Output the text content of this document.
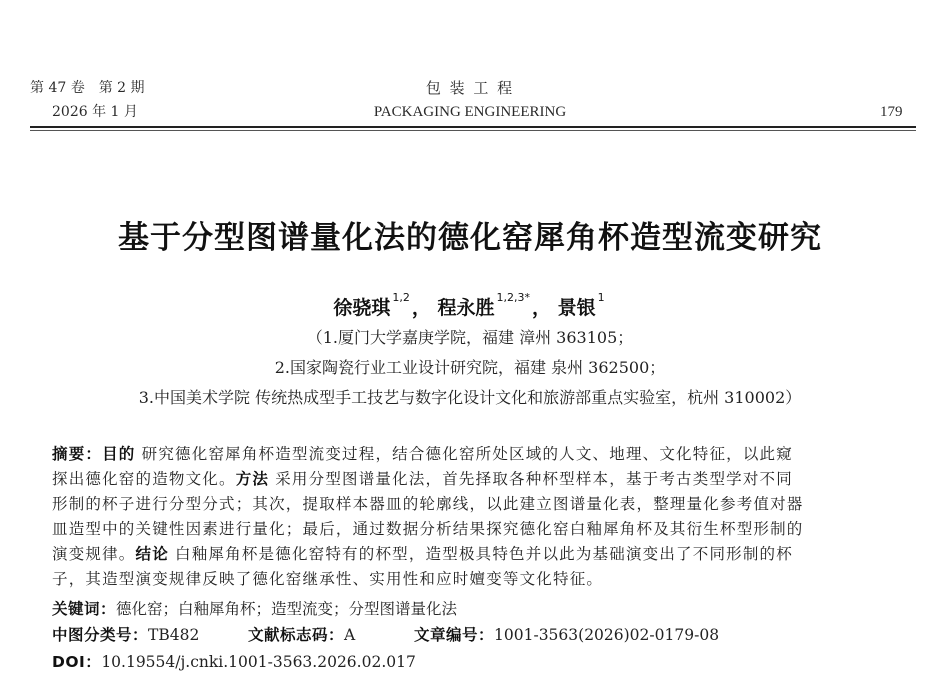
第 47 卷　第 2 期
2026 年 1 月
包 装 工 程
PACKAGING ENGINEERING	179
基于分型图谱量化法的德化窑犀角杯造型流变研究
徐骁琪 $^{1,2}$ ， 程永胜 $^{1,2,3*}$ ， 景银 $^1$
（1.厦门大学嘉庚学院，福建 漳州 363105；
2.国家陶瓷行业工业设计研究院，福建 泉州 362500；
3.中国美术学院 传统热成型手工技艺与数字化设计文化和旅游部重点实验室，杭州 310002）
摘要：目的 研究德化窑犀角杯造型流变过程，结合德化窑所处区域的人文、地理、文化特征，以此窥
探出德化窑的造物文化。方法 采用分型图谱量化法，首先择取各种杯型样本，基于考古类型学对不同
形制的杯子进行分型分式；其次，提取样本器皿的轮廓线，以此建立图谱量化表，整理量化参考值对器
皿造型中的关键性因素进行量化；最后，通过数据分析结果探究德化窑白釉犀角杯及其衍生杯型形制的
演变规律。结论 白釉犀角杯是德化窑特有的杯型，造型极具特色并以此为基础演变出了不同形制的杯
子，其造型演变规律反映了德化窑继承性、实用性和应时嬗变等文化特征。
关键词：德化窑；白釉犀角杯；造型流变；分型图谱量化法
中图分类号：TB482	文献标志码：A	文章编号：1001-3563(2026)02-0179-08
DOI：10.19554/j.cnki.1001-3563.2026.02.017
